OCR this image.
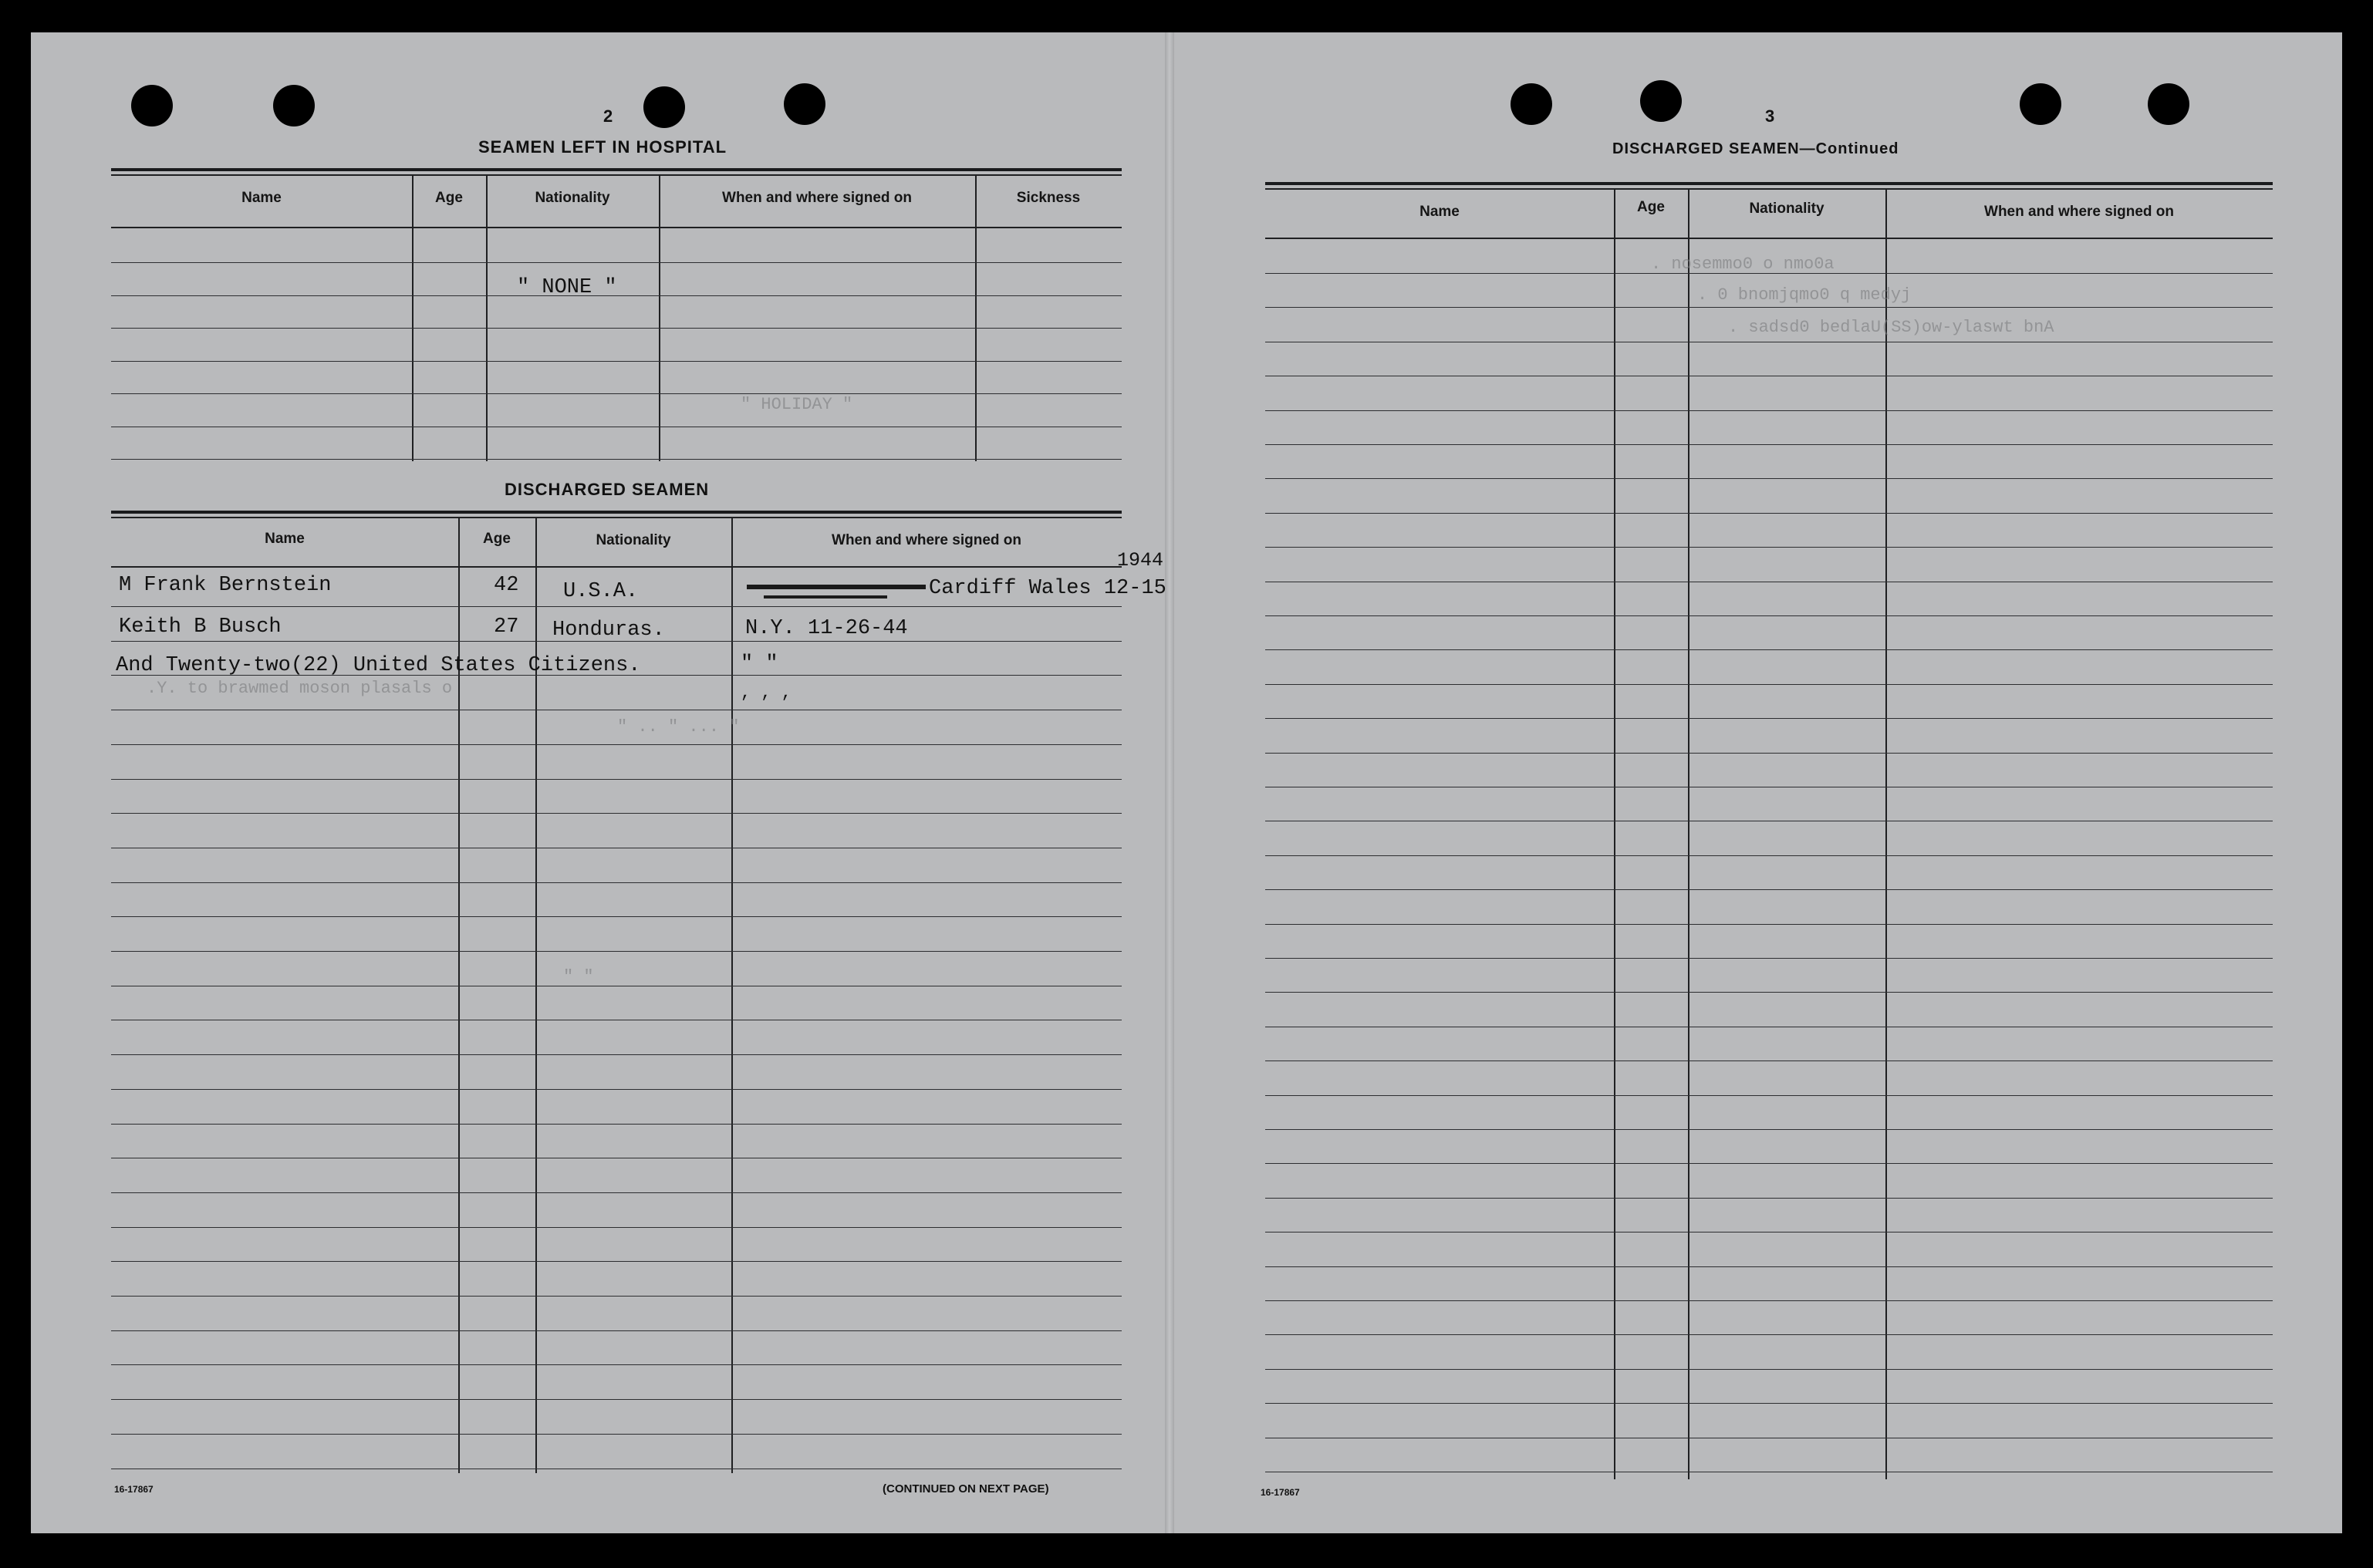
2
SEAMEN LEFT IN HOSPITAL
Name	Age	Nationality	When and where signed on	Sickness
" NONE "
" HOLIDAY "
DISCHARGED SEAMEN
Name	Age	Nationality	When and where signed on
M Frank Bernstein	42 U.S.A.	Cardiff Wales 12-15
1944
Keith B Busch	27 Honduras.	N.Y. 11-26-44
And Twenty-two(22) United States Citizens.	" "
, , ,
.Y. to brawmed moson plasals o
" .. " ... "
" "
16-17867	(CONTINUED ON NEXT PAGE)
3
DISCHARGED SEAMEN—Continued
Name	Age	Nationality	When and where signed on
. nosemmo0 o nmo0a
. 0 bnomjqmo0 q medyj
. sadsd0 bedlaU(SS)ow-ylaswt bnA
16-17867
